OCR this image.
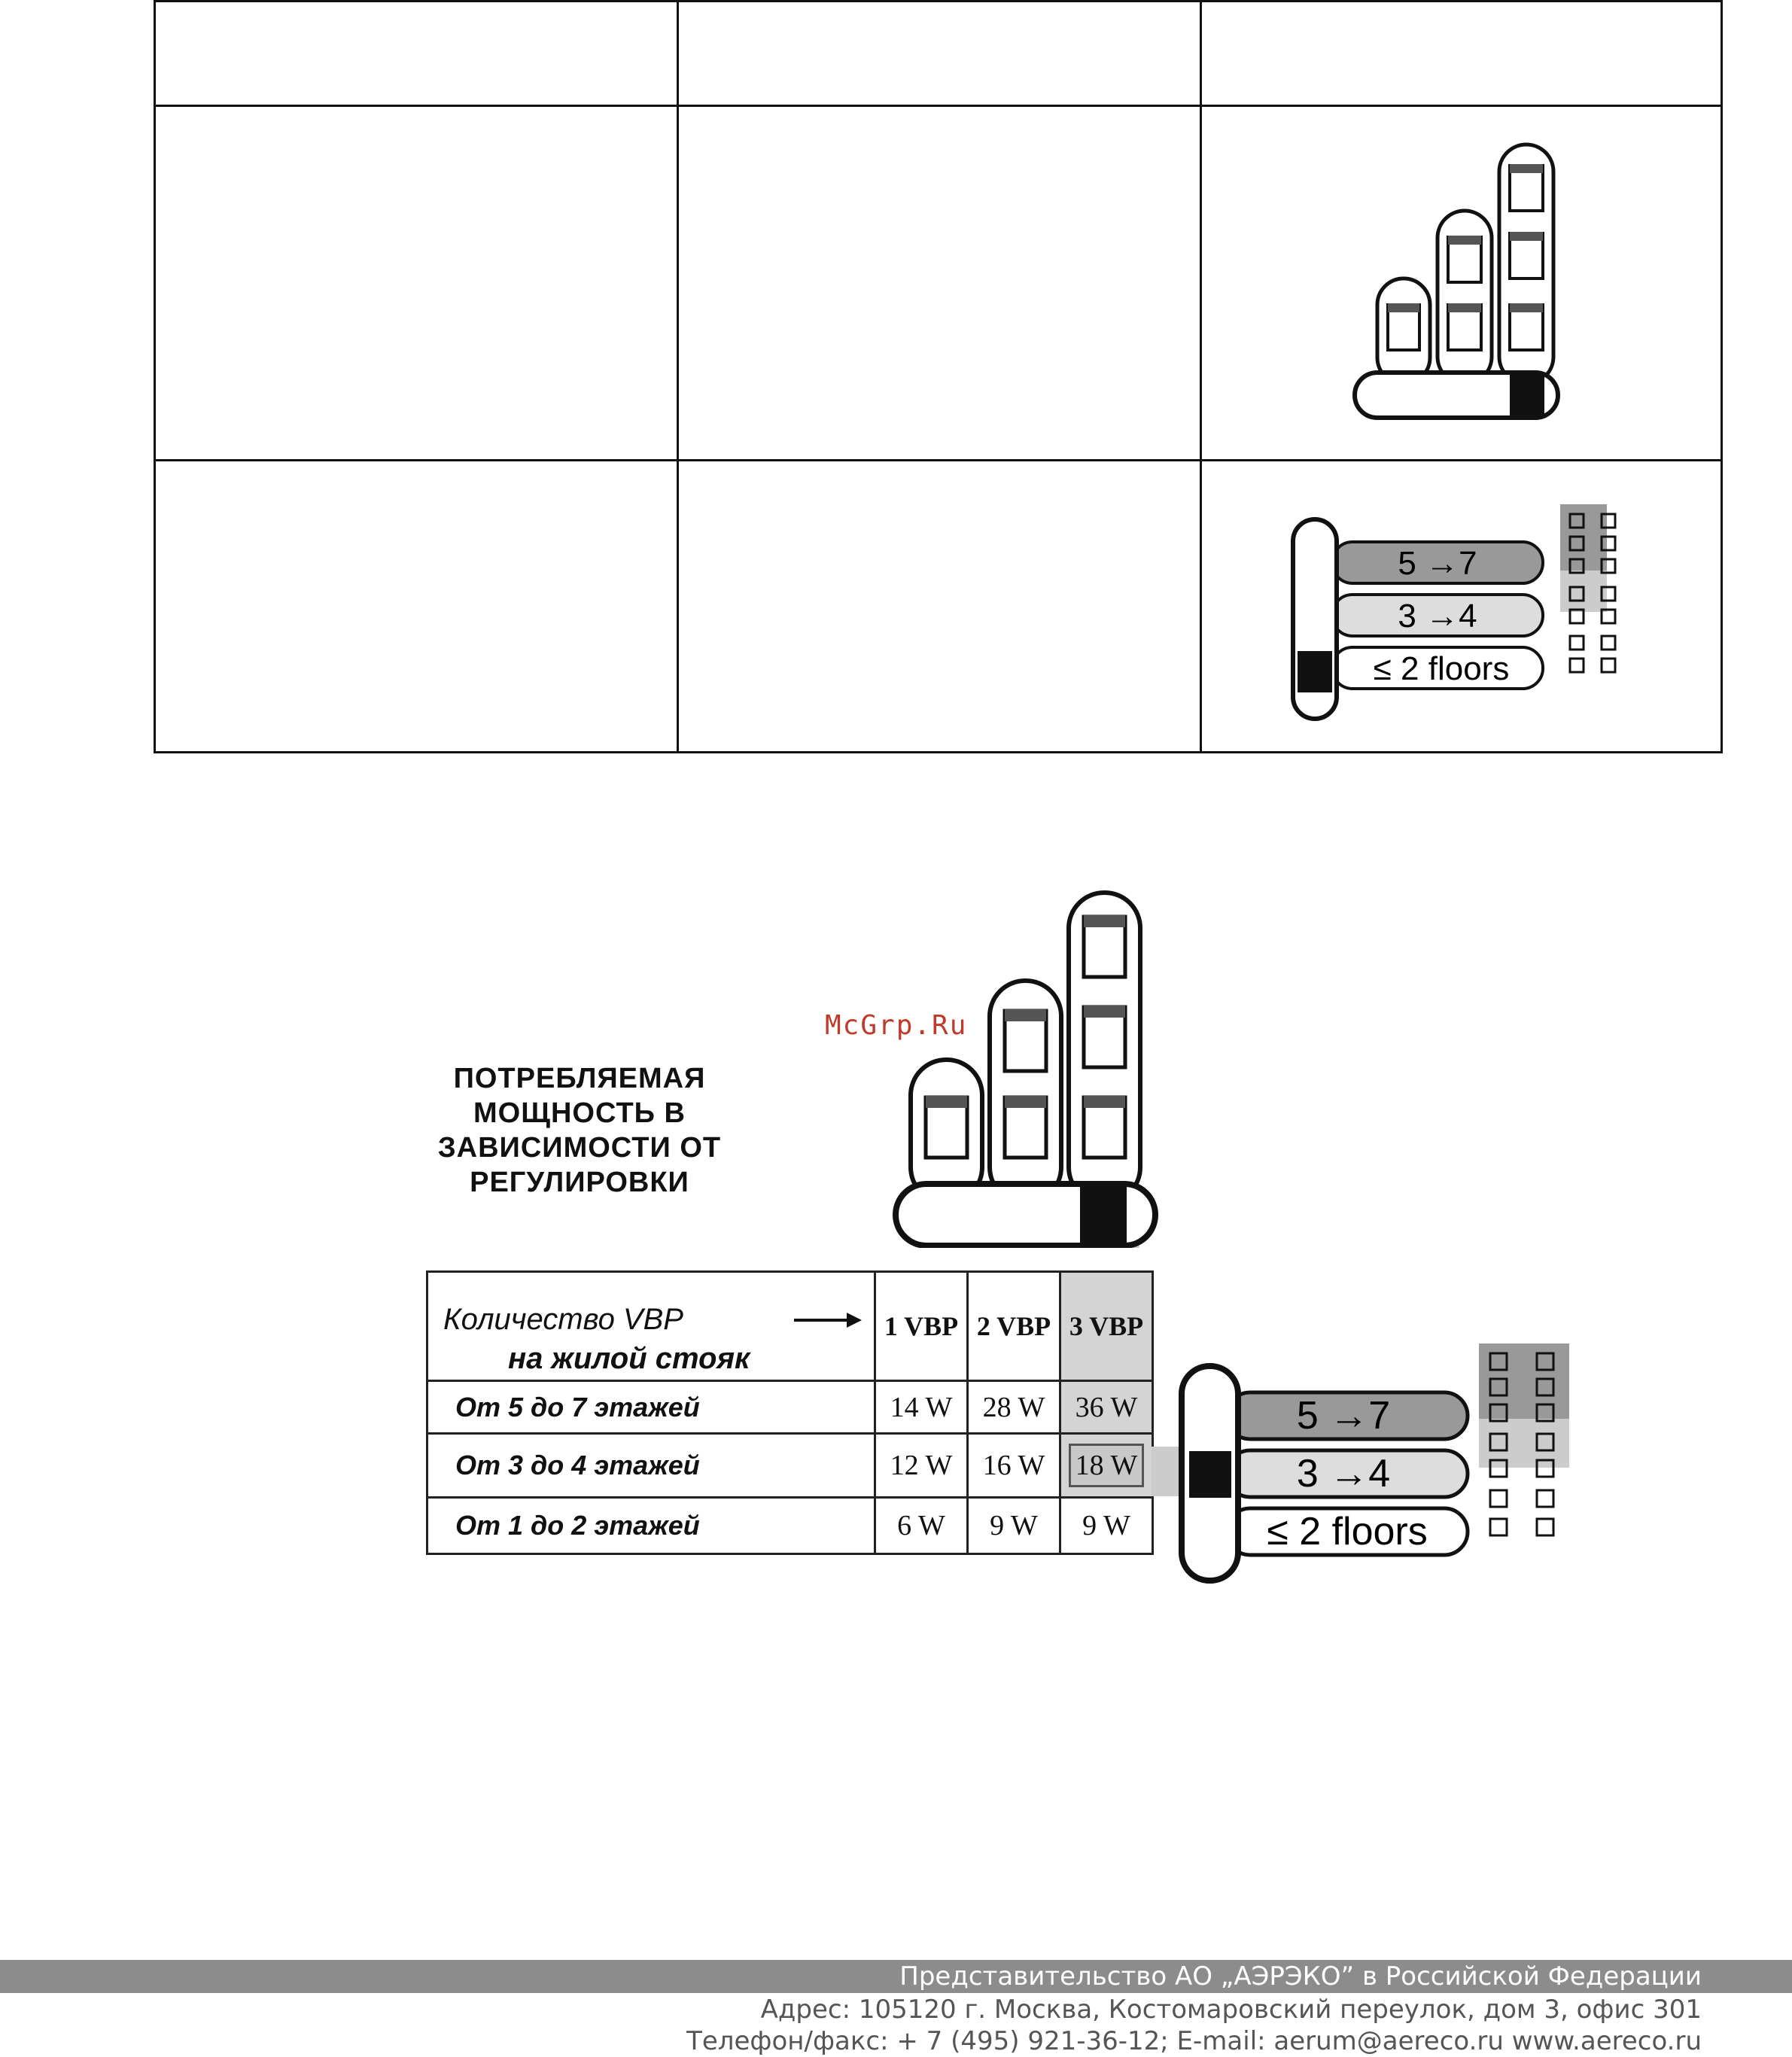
5 →7
3 →4
≤ 2 floors
McGrp.Ru
ПОТРЕБЛЯЕМАЯ
МОЩНОСТЬ В
ЗАВИСИМОСТИ ОТ
РЕГУЛИРОВКИ
Количество VBP
на жилой стояк	1 VBP	2 VBP	3 VBP
От 5 до 7 этажей	14 W	28 W	36 W
От 3 до 4 этажей	12 W	16 W	18 W
От 1 до 2 этажей	6 W	9 W	9 W
5 →7
3 →4
≤ 2 floors
Представительство АО „АЭРЭКО” в Российской Федерации
Адрес: 105120 г. Москва, Костомаровский переулок, дом 3, офис 301
Телефон/факс: + 7 (495) 921-36-12; E-mail: aerum@aereco.ru www.aereco.ru
